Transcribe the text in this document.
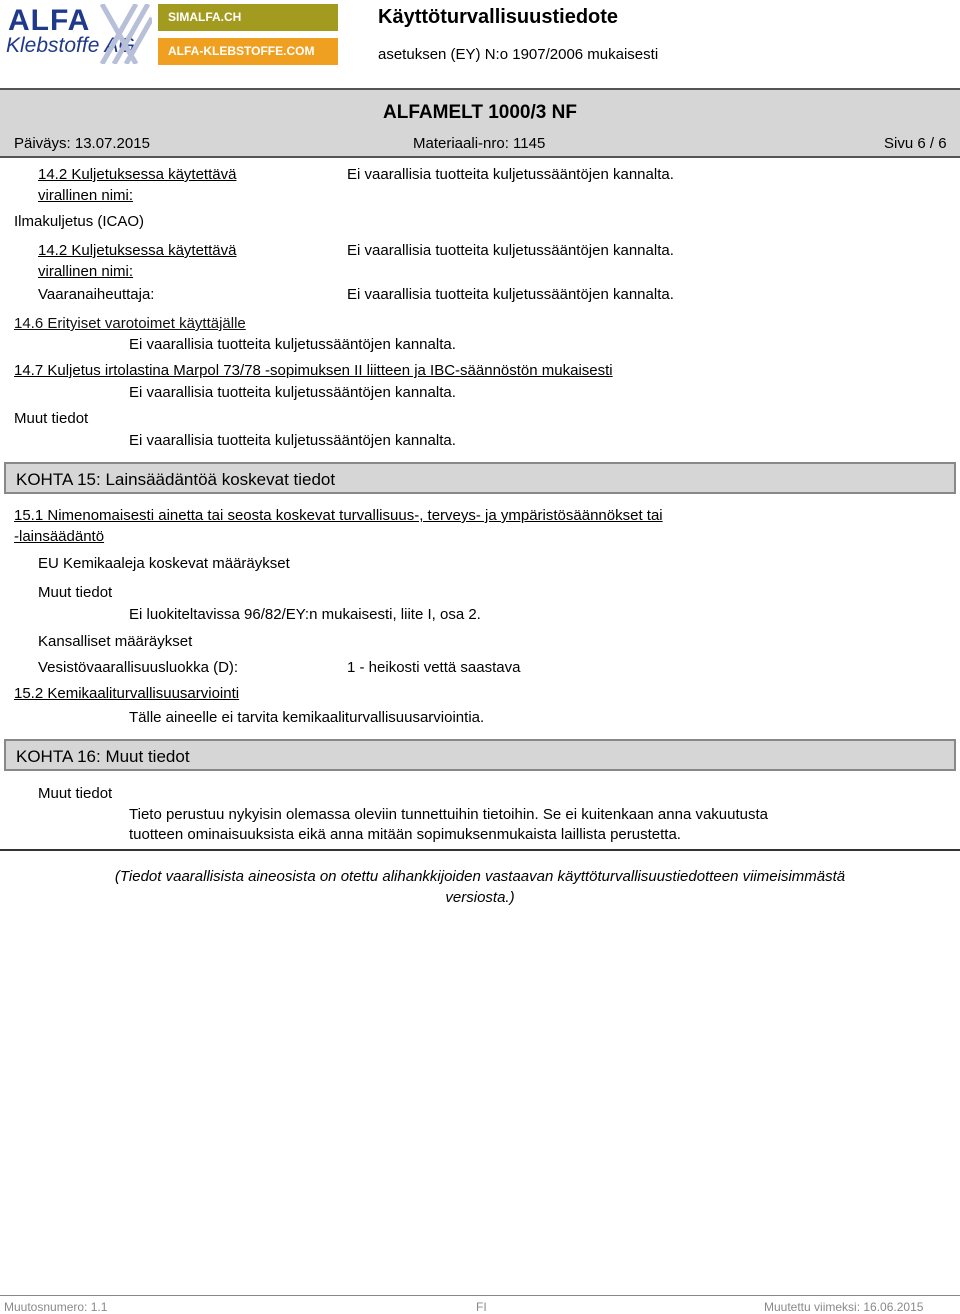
ALFA
Klebstoffe AG
SIMALFA.CH
ALFA-KLEBSTOFFE.COM
Käyttöturvallisuustiedote
asetuksen (EY) N:o 1907/2006 mukaisesti
ALFAMELT 1000/3 NF
Päiväys: 13.07.2015	Materiaali-nro: 1145	Sivu 6 / 6
14.2 Kuljetuksessa käytettävä
virallinen nimi:
Ei vaarallisia tuotteita kuljetussääntöjen kannalta.
Ilmakuljetus (ICAO)
14.2 Kuljetuksessa käytettävä
virallinen nimi:
Ei vaarallisia tuotteita kuljetussääntöjen kannalta.
Vaaranaiheuttaja:	Ei vaarallisia tuotteita kuljetussääntöjen kannalta.
14.6 Erityiset varotoimet käyttäjälle
Ei vaarallisia tuotteita kuljetussääntöjen kannalta.
14.7 Kuljetus irtolastina Marpol 73/78 -sopimuksen II liitteen ja IBC-säännöstön mukaisesti
Ei vaarallisia tuotteita kuljetussääntöjen kannalta.
Muut tiedot
Ei vaarallisia tuotteita kuljetussääntöjen kannalta.
KOHTA 15: Lainsäädäntöä koskevat tiedot
15.1 Nimenomaisesti ainetta tai seosta koskevat turvallisuus-, terveys- ja ympäristösäännökset tai
-lainsäädäntö
EU Kemikaaleja koskevat määräykset
Muut tiedot
Ei luokiteltavissa 96/82/EY:n mukaisesti, liite I, osa 2.
Kansalliset määräykset
Vesistövaarallisuusluokka (D):	1 - heikosti vettä saastava
15.2 Kemikaaliturvallisuusarviointi
Tälle aineelle ei tarvita kemikaaliturvallisuusarviointia.
KOHTA 16: Muut tiedot
Muut tiedot
Tieto perustuu nykyisin olemassa oleviin tunnettuihin tietoihin. Se ei kuitenkaan anna vakuutusta
tuotteen ominaisuuksista eikä anna mitään sopimuksenmukaista laillista perustetta.
(Tiedot vaarallisista aineosista on otettu alihankkijoiden vastaavan käyttöturvallisuustiedotteen viimeisimmästä
versiosta.)
Muutosnumero: 1.1	FI	Muutettu viimeksi: 16.06.2015
